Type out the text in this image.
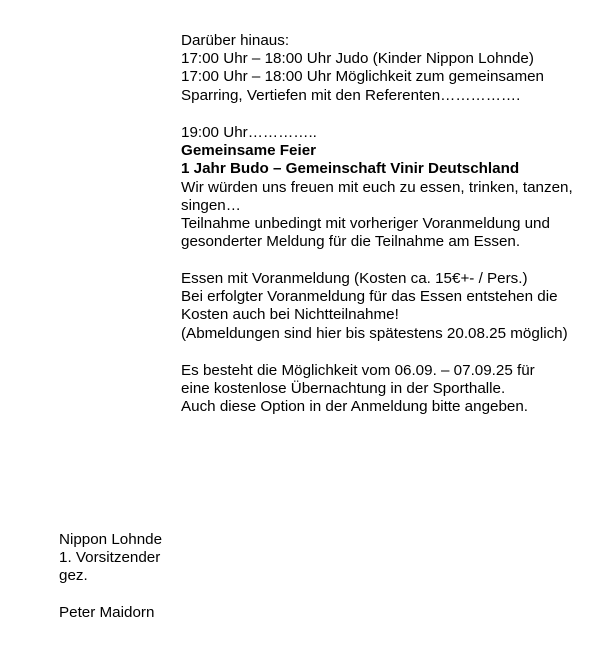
Darüber hinaus:
17:00 Uhr – 18:00 Uhr Judo (Kinder Nippon Lohnde)
17:00 Uhr – 18:00 Uhr Möglichkeit zum gemeinsamen
Sparring, Vertiefen mit den Referenten…………….
19:00 Uhr…………..
Gemeinsame Feier
1 Jahr Budo – Gemeinschaft Vinir Deutschland
Wir würden uns freuen mit euch zu essen, trinken, tanzen,
singen…
Teilnahme unbedingt mit vorheriger Voranmeldung und
gesonderter Meldung für die Teilnahme am Essen.
Essen mit Voranmeldung (Kosten ca. 15€+- / Pers.)
Bei erfolgter Voranmeldung für das Essen entstehen die
Kosten auch bei Nichtteilnahme!
(Abmeldungen sind hier bis spätestens 20.08.25 möglich)
Es besteht die Möglichkeit vom 06.09. – 07.09.25 für
eine kostenlose Übernachtung in der Sporthalle.
Auch diese Option in der Anmeldung bitte angeben.
Nippon Lohnde
1. Vorsitzender
gez.
Peter Maidorn
